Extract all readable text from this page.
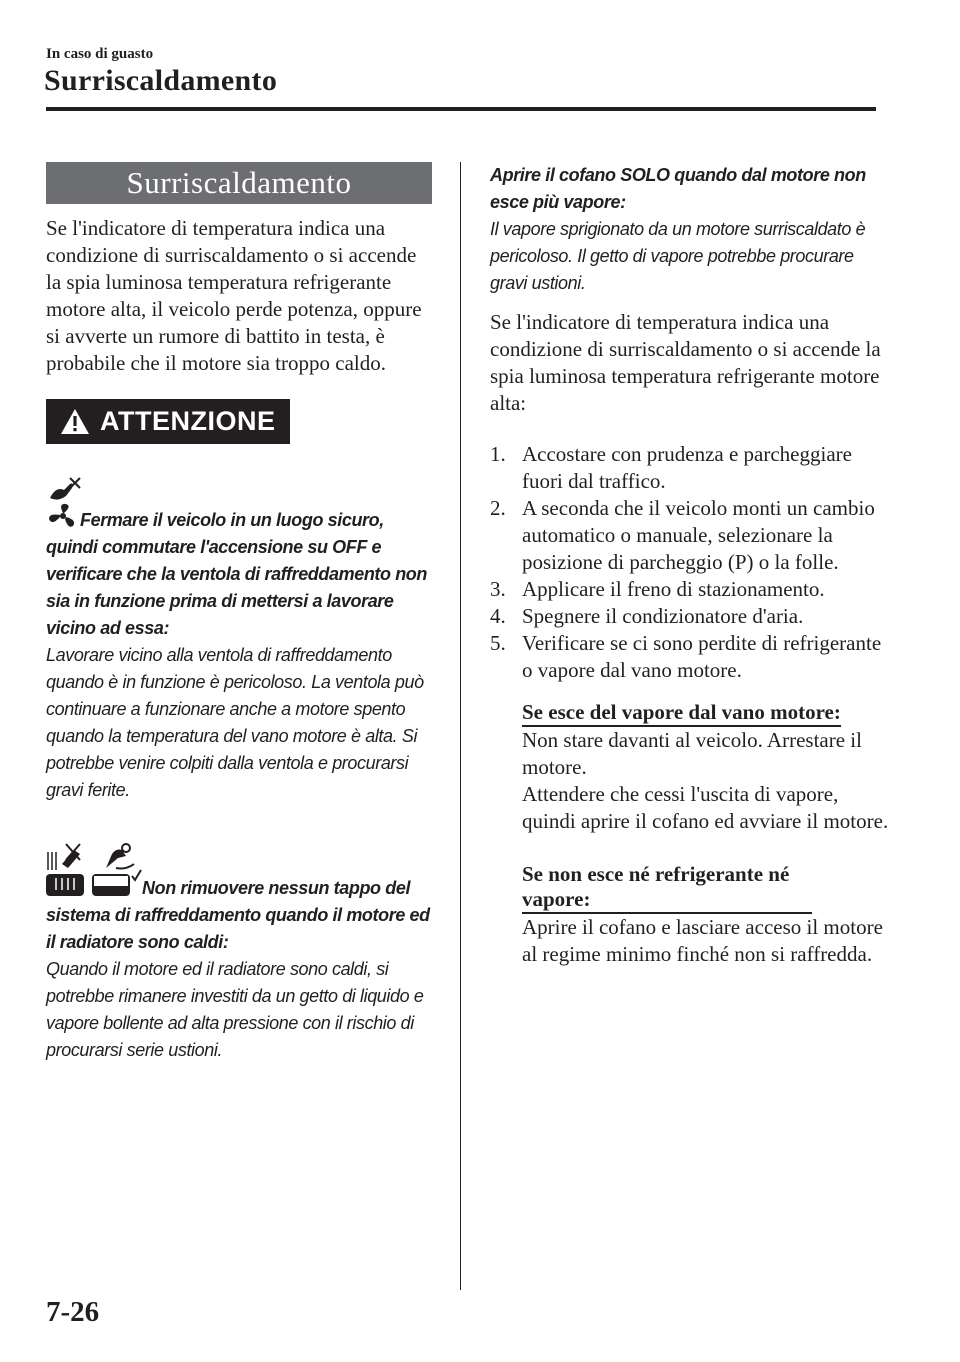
In caso di guasto
Surriscaldamento
Surriscaldamento

Se l'indicatore di temperatura indica una condizione di surriscaldamento o si accende la spia luminosa temperatura refrigerante motore alta, il veicolo perde potenza, oppure si avverte un rumore di battito in testa, è probabile che il motore sia troppo caldo.

ATTENZIONE

Fermare il veicolo in un luogo sicuro, quindi commutare l'accensione su OFF e verificare che la ventola di raffreddamento non sia in funzione prima di mettersi a lavorare vicino ad essa:

Lavorare vicino alla ventola di raffreddamento quando è in funzione è pericoloso. La ventola può continuare a funzionare anche a motore spento quando la temperatura del vano motore è alta. Si potrebbe venire colpiti dalla ventola e procurarsi gravi ferite.

Non rimuovere nessun tappo del sistema di raffreddamento quando il motore ed il radiatore sono caldi:

Quando il motore ed il radiatore sono caldi, si potrebbe rimanere investiti da un getto di liquido e vapore bollente ad alta pressione con il rischio di procurarsi serie ustioni.

Aprire il cofano SOLO quando dal motore non esce più vapore:

Il vapore sprigionato da un motore surriscaldato è pericoloso. Il getto di vapore potrebbe procurare gravi ustioni.

Se l'indicatore di temperatura indica una condizione di surriscaldamento o si accende la spia luminosa temperatura refrigerante motore alta:

1. Accostare con prudenza e parcheggiare fuori dal traffico.
2. A seconda che il veicolo monti un cambio automatico o manuale, selezionare la posizione di parcheggio (P) o la folle.
3. Applicare il freno di stazionamento.
4. Spegnere il condizionatore d'aria.
5. Verificare se ci sono perdite di refrigerante o vapore dal vano motore.
Se esce del vapore dal vano motore:

Non stare davanti al veicolo. Arrestare il motore.

Attendere che cessi l'uscita di vapore, quindi aprire il cofano ed avviare il motore.

Se non esce né refrigerante né vapore:

Aprire il cofano e lasciare acceso il motore al regime minimo finché non si raffredda.

7-26
